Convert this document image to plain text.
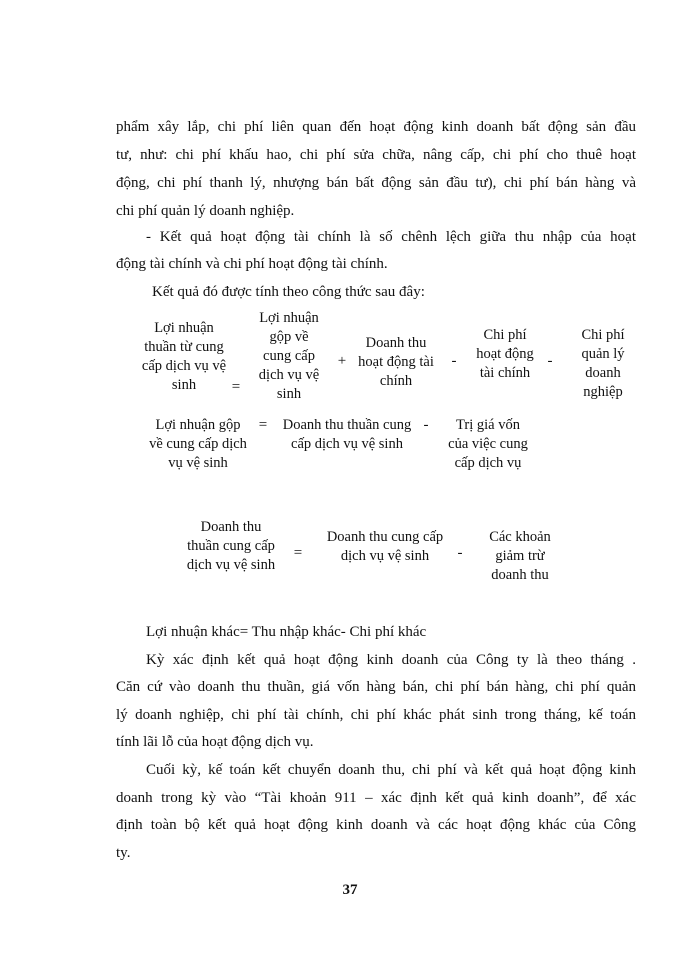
phẩm xây lắp, chi phí liên quan đến hoạt động kinh doanh bất động sản đầu

tư, như: chi phí khấu hao, chi phí sửa chữa, nâng cấp, chi phí cho thuê hoạt

động, chi phí thanh lý, nhượng bán bất động sản đầu tư), chi phí bán hàng và

chi phí quản lý doanh nghiệp.

- Kết quả hoạt động tài chính là số chênh lệch giữa thu nhập của hoạt

động tài chính và chi phí hoạt động tài chính.

Kết quả đó được tính theo công thức sau đây:

Lợi nhuận thuần từ cung cấp dịch vụ vệ sinh	=
Lợi nhuận gộp về cung cấp dịch vụ vệ sinh
+
Doanh thu hoạt động tài chính
-
Chi phí hoạt động tài chính
-
Chi phí quản lý doanh nghiệp
Lợi nhuận gộp về cung cấp dịch vụ vệ sinh
=	Doanh thu thuần cung cấp dịch vụ vệ sinh
-	Trị giá vốn của việc cung cấp dịch vụ
Doanh thu thuần cung cấp dịch vụ vệ sinh
=
Doanh thu cung cấp dịch vụ vệ sinh	-
Các khoản giảm trừ doanh thu

Lợi nhuận khác= Thu nhập khác- Chi phí khác

Kỳ xác định kết quả hoạt động kinh doanh của Công ty là theo tháng .

Căn cứ vào doanh thu thuần, giá vốn hàng bán, chi phí bán hàng, chi phí quản

lý doanh nghiệp, chi phí tài chính, chi phí khác phát sinh trong tháng, kế toán

tính lãi lỗ của hoạt động dịch vụ.

Cuối kỳ, kế toán kết chuyển doanh thu, chi phí và kết quả hoạt động kinh

doanh trong kỳ vào “Tài khoản 911 – xác định kết quả kinh doanh”, để xác

định toàn bộ kết quả hoạt động kinh doanh và các hoạt động khác của Công

ty.

37
